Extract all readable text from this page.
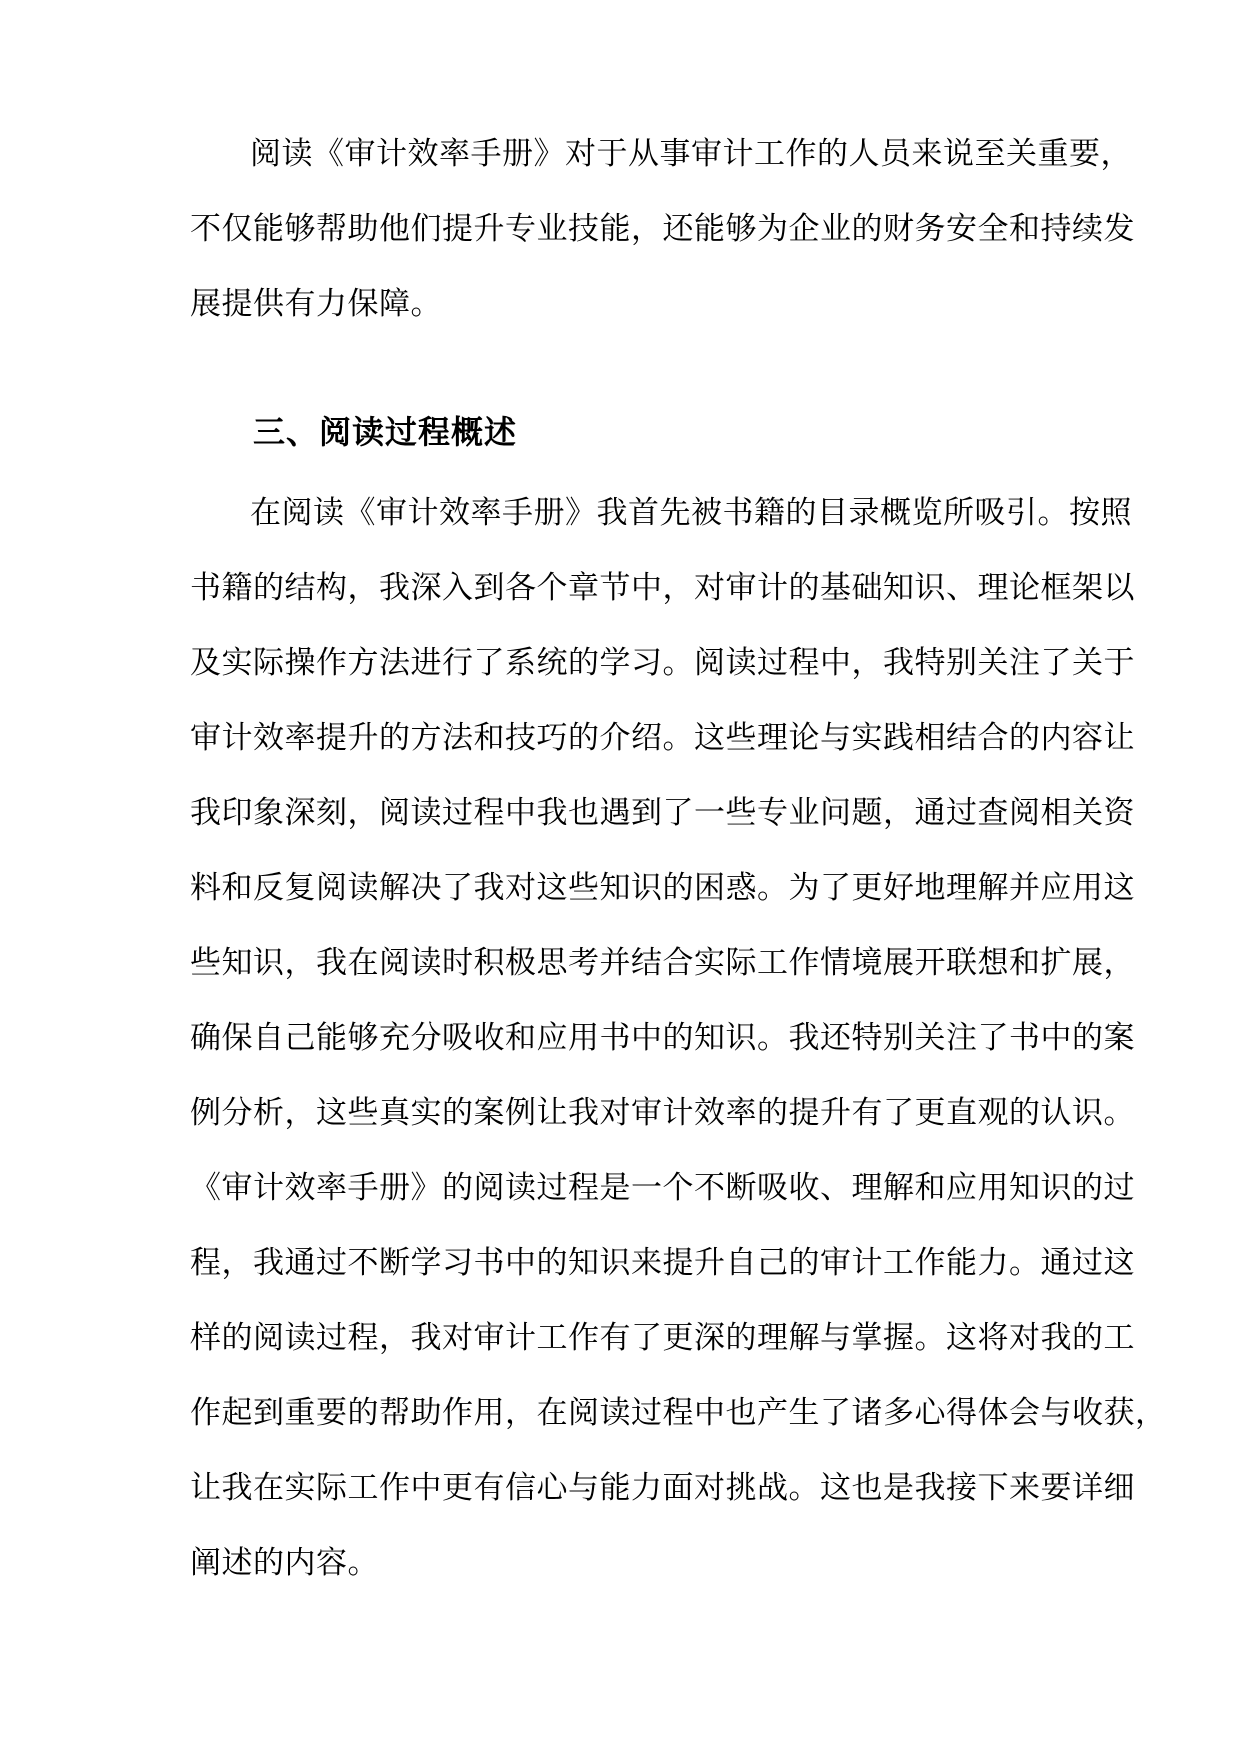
阅读《审计效率手册》对于从事审计工作的人员来说至关重要，
不仅能够帮助他们提升专业技能，还能够为企业的财务安全和持续发
展提供有力保障。
三、阅读过程概述
在阅读《审计效率手册》我首先被书籍的目录概览所吸引。按照
书籍的结构，我深入到各个章节中，对审计的基础知识、理论框架以
及实际操作方法进行了系统的学习。阅读过程中，我特别关注了关于
审计效率提升的方法和技巧的介绍。这些理论与实践相结合的内容让
我印象深刻，阅读过程中我也遇到了一些专业问题，通过查阅相关资
料和反复阅读解决了我对这些知识的困惑。为了更好地理解并应用这
些知识，我在阅读时积极思考并结合实际工作情境展开联想和扩展，
确保自己能够充分吸收和应用书中的知识。我还特别关注了书中的案
例分析，这些真实的案例让我对审计效率的提升有了更直观的认识。
《审计效率手册》的阅读过程是一个不断吸收、理解和应用知识的过
程，我通过不断学习书中的知识来提升自己的审计工作能力。通过这
样的阅读过程，我对审计工作有了更深的理解与掌握。这将对我的工
作起到重要的帮助作用，在阅读过程中也产生了诸多心得体会与收获，
让我在实际工作中更有信心与能力面对挑战。这也是我接下来要详细
阐述的内容。
